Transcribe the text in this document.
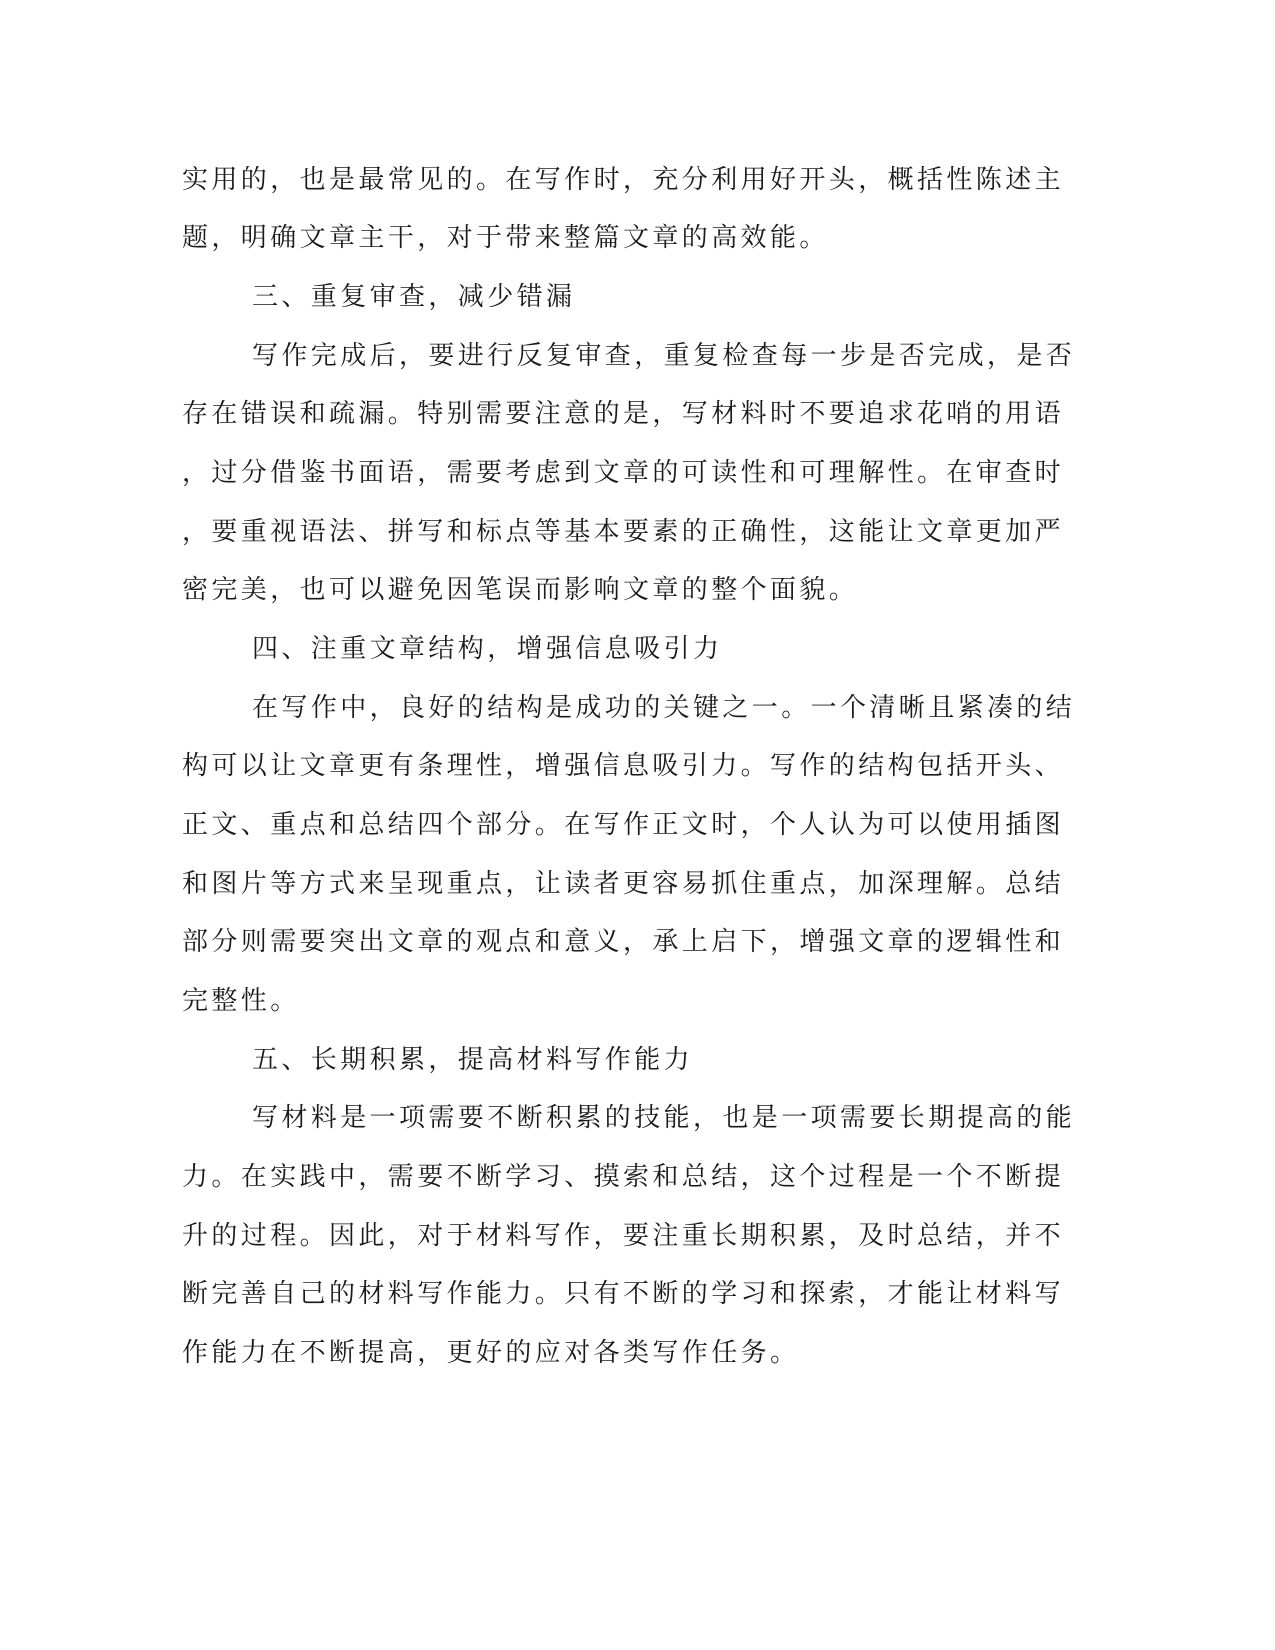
实用的，也是最常见的。在写作时，充分利用好开头，概括性陈述主
题，明确文章主干，对于带来整篇文章的高效能。
三、重复审查，减少错漏
写作完成后，要进行反复审查，重复检查每一步是否完成，是否
存在错误和疏漏。特别需要注意的是，写材料时不要追求花哨的用语
，过分借鉴书面语，需要考虑到文章的可读性和可理解性。在审查时
，要重视语法、拼写和标点等基本要素的正确性，这能让文章更加严
密完美，也可以避免因笔误而影响文章的整个面貌。
四、注重文章结构，增强信息吸引力
在写作中，良好的结构是成功的关键之一。一个清晰且紧凑的结
构可以让文章更有条理性，增强信息吸引力。写作的结构包括开头、
正文、重点和总结四个部分。在写作正文时，个人认为可以使用插图
和图片等方式来呈现重点，让读者更容易抓住重点，加深理解。总结
部分则需要突出文章的观点和意义，承上启下，增强文章的逻辑性和
完整性。
五、长期积累，提高材料写作能力
写材料是一项需要不断积累的技能，也是一项需要长期提高的能
力。在实践中，需要不断学习、摸索和总结，这个过程是一个不断提
升的过程。因此，对于材料写作，要注重长期积累，及时总结，并不
断完善自己的材料写作能力。只有不断的学习和探索，才能让材料写
作能力在不断提高，更好的应对各类写作任务。
